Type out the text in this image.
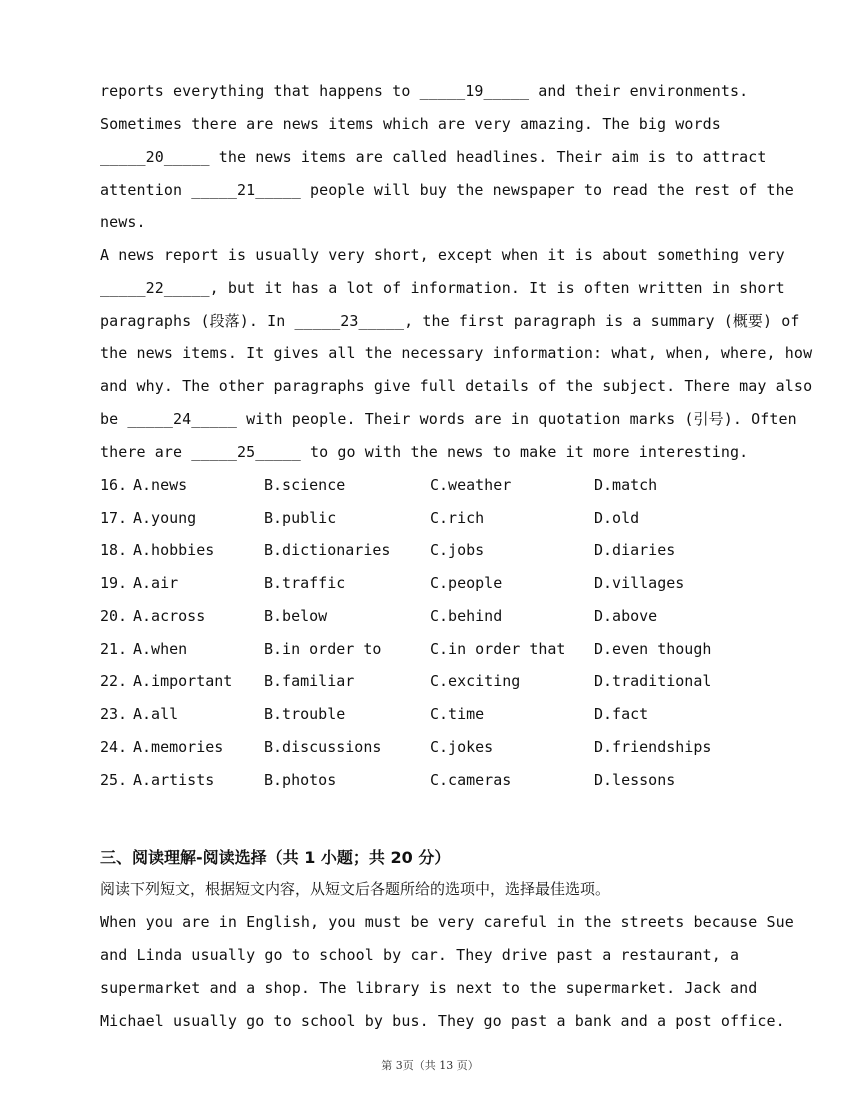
reports everything that happens to _____19_____ and their environments.
Sometimes there are news items which are very amazing. The big words
_____20_____ the news items are called headlines. Their aim is to attract
attention _____21_____ people will buy the newspaper to read the rest of the
news.
A news report is usually very short, except when it is about something very
_____22_____, but it has a lot of information. It is often written in short
paragraphs (段落). In _____23_____, the first paragraph is a summary (概要) of
the news items. It gives all the necessary information: what, when, where, how
and why. The other paragraphs give full details of the subject. There may also
be _____24_____ with people. Their words are in quotation marks (引号). Often
there are _____25_____ to go with the news to make it more interesting.
16. A.news	B.science	C.weather	D.match
17. A.young	B.public	C.rich	D.old
18. A.hobbies	B.dictionaries	C.jobs	D.diaries
19. A.air	B.traffic	C.people	D.villages
20. A.across	B.below	C.behind	D.above
21. A.when	B.in order to	C.in order that D.even though
22. A.important B.familiar	C.exciting	D.traditional
23. A.all	B.trouble	C.time	D.fact
24. A.memories	B.discussions	C.jokes	D.friendships
25. A.artists	B.photos	C.cameras	D.lessons
三、阅读理解-阅读选择（共 1 小题；共 20 分）
阅读下列短文，根据短文内容，从短文后各题所给的选项中，选择最佳选项。
When you are in English, you must be very careful in the streets because Sue
and Linda usually go to school by car. They drive past a restaurant, a
supermarket and a shop. The library is next to the supermarket. Jack and
Michael usually go to school by bus. They go past a bank and a post office.
第 3页（共 13 页）
